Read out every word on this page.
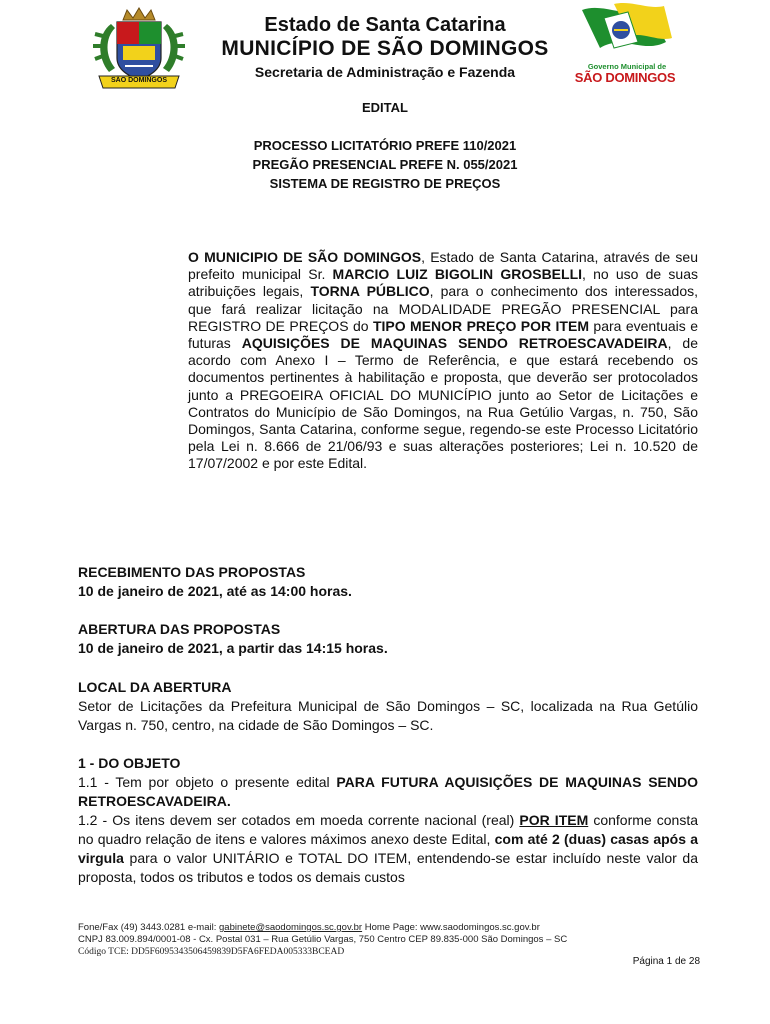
SÃO DOMINGOS
Estado de Santa Catarina
MUNICÍPIO DE SÃO DOMINGOS
Secretaria de Administração e Fazenda	Governo Municipal de
SÃO DOMINGOS
EDITAL
PROCESSO LICITATÓRIO PREFE 110/2021
PREGÃO PRESENCIAL PREFE N. 055/2021
SISTEMA DE REGISTRO DE PREÇOS
O MUNICIPIO DE SÃO DOMINGOS, Estado de Santa Catarina, através de seu prefeito municipal Sr. MARCIO LUIZ BIGOLIN GROSBELLI, no uso de suas atribuições legais, TORNA PÚBLICO, para o conhecimento dos interessados, que fará realizar licitação na MODALIDADE PREGÃO PRESENCIAL para REGISTRO DE PREÇOS do TIPO MENOR PREÇO POR ITEM para eventuais e futuras AQUISIÇÕES DE MAQUINAS SENDO RETROESCAVADEIRA, de acordo com Anexo I – Termo de Referência, e que estará recebendo os documentos pertinentes à habilitação e proposta, que deverão ser protocolados junto a PREGOEIRA OFICIAL DO MUNICÍPIO junto ao Setor de Licitações e Contratos do Município de São Domingos, na Rua Getúlio Vargas, n. 750, São Domingos, Santa Catarina, conforme segue, regendo-se este Processo Licitatório pela Lei n. 8.666 de 21/06/93 e suas alterações posteriores; Lei n. 10.520 de 17/07/2002 e por este Edital.
RECEBIMENTO DAS PROPOSTAS
10 de janeiro de 2021, até as 14:00 horas.
ABERTURA DAS PROPOSTAS
10 de janeiro de 2021, a partir das 14:15 horas.
LOCAL DA ABERTURA
Setor de Licitações da Prefeitura Municipal de São Domingos – SC, localizada na Rua Getúlio Vargas n. 750, centro, na cidade de São Domingos – SC.
1 - DO OBJETO
1.1 - Tem por objeto o presente edital PARA FUTURA AQUISIÇÕES DE MAQUINAS SENDO RETROESCAVADEIRA.
1.2 - Os itens devem ser cotados em moeda corrente nacional (real) POR ITEM conforme consta no quadro relação de itens e valores máximos anexo deste Edital, com até 2 (duas) casas após a virgula para o valor UNITÁRIO e TOTAL DO ITEM, entendendo-se estar incluído neste valor da proposta, todos os tributos e todos os demais custos
Fone/Fax (49) 3443.0281 e-mail: gabinete@saodomingos.sc.gov.br Home Page: www.saodomingos.sc.gov.br
CNPJ 83.009.894/0001-08 - Cx. Postal 031 – Rua Getúlio Vargas, 750 Centro CEP 89.835-000 São Domingos – SC
Código TCE: DD5F6095343506459839D5FA6FEDA005333BCEAD
Página 1 de 28
